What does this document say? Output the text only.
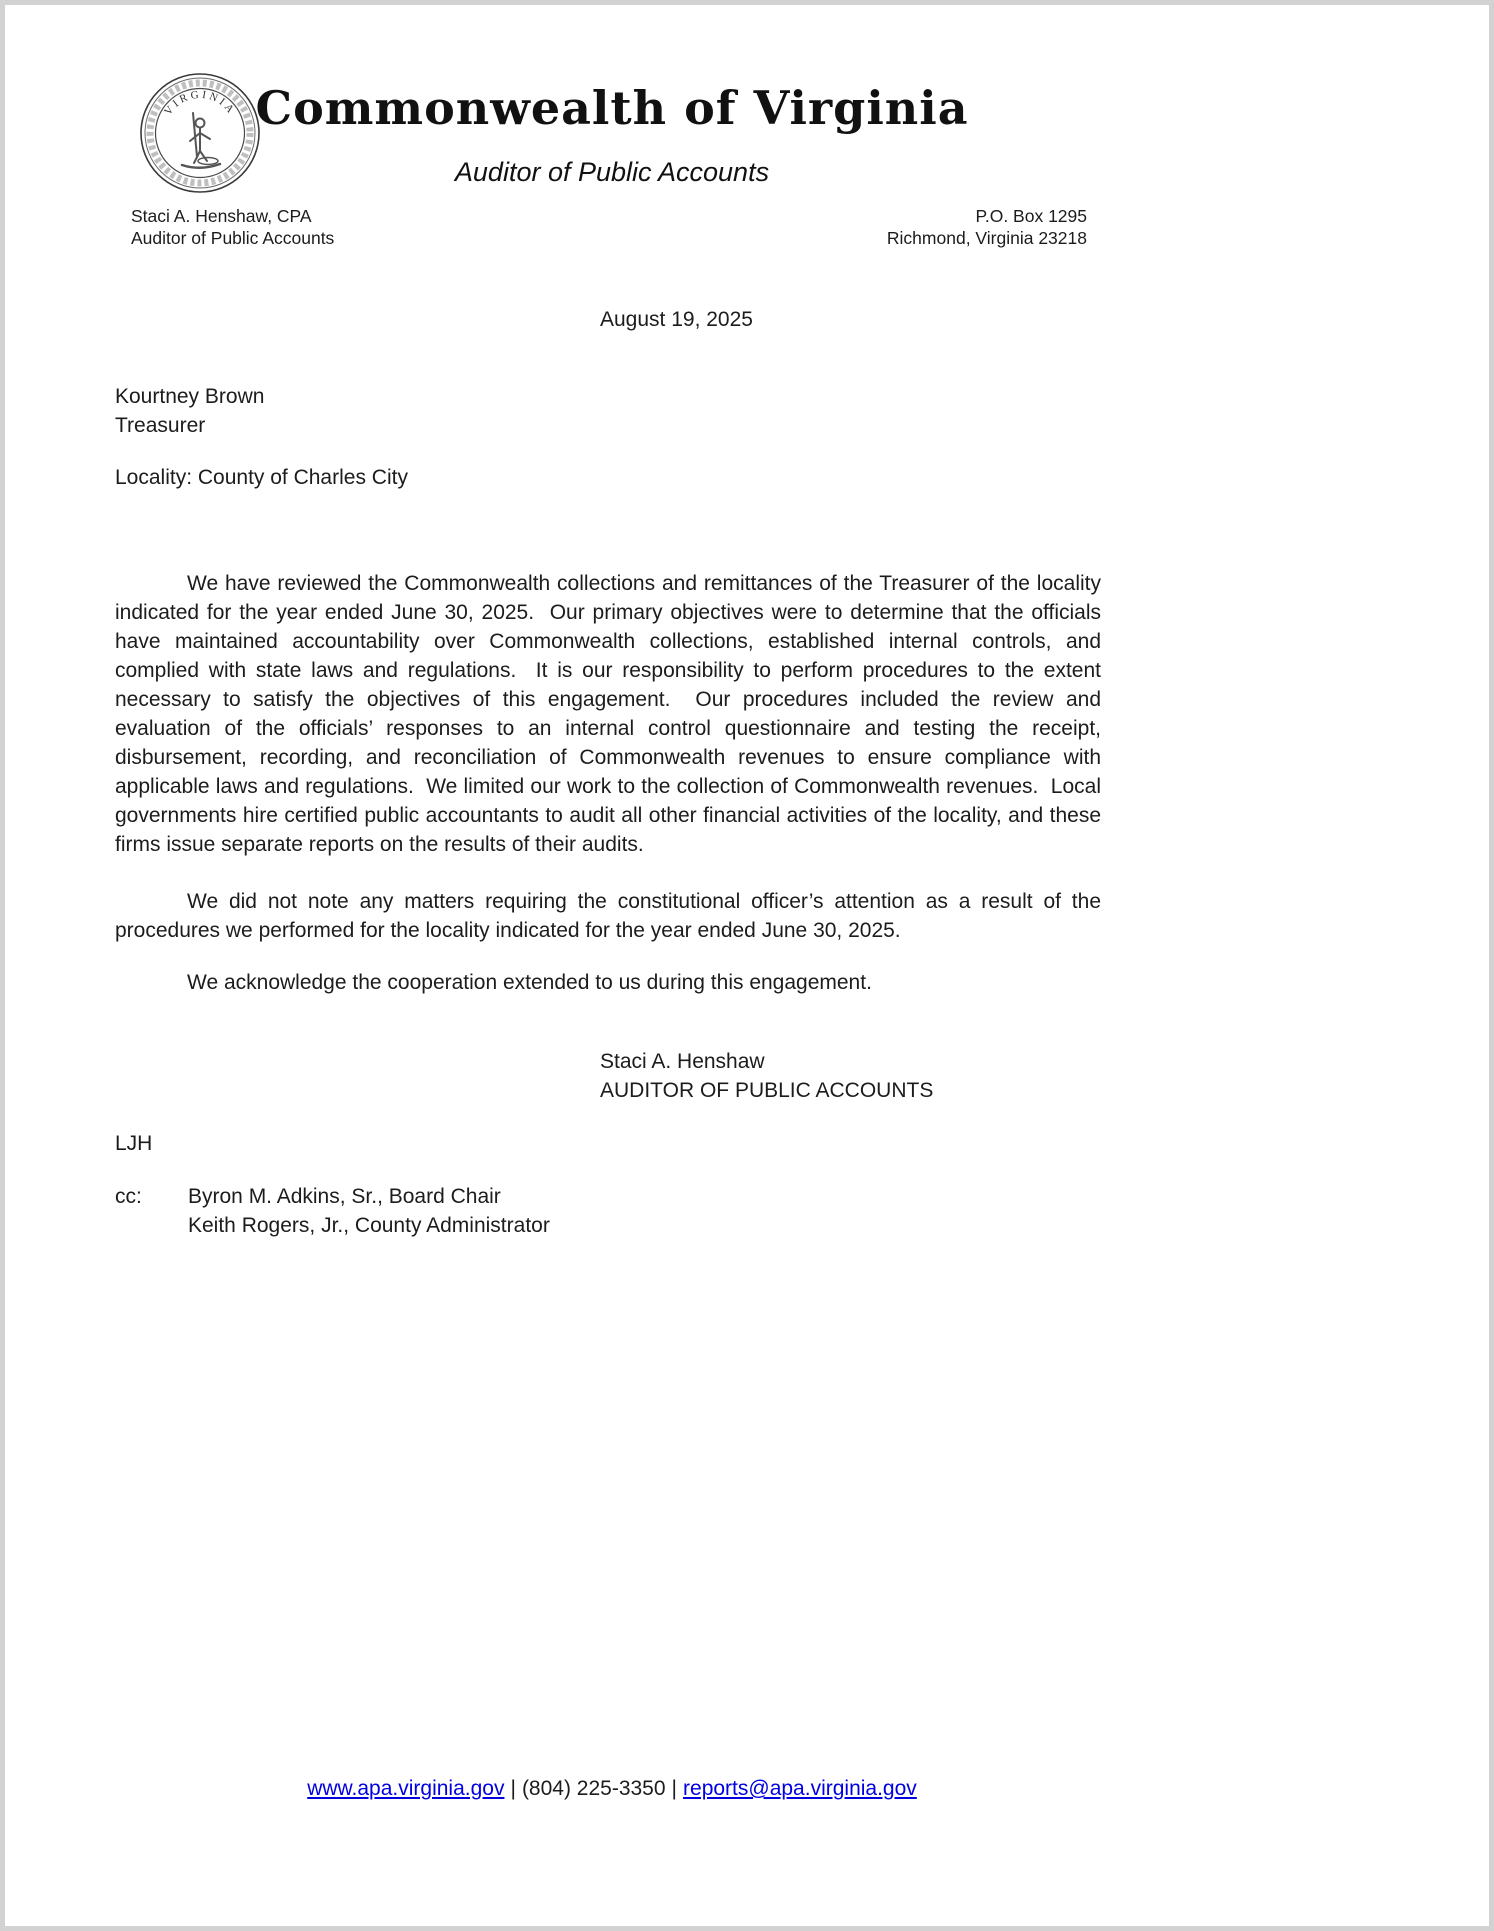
VIRGINIA Commonwealth of Virginia
Auditor of Public Accounts
Staci A. Henshaw, CPA
Auditor of Public Accounts
P.O. Box 1295
Richmond, Virginia 23218
August 19, 2025
Kourtney Brown
Treasurer
Locality: County of Charles City

We have reviewed the Commonwealth collections and remittances of the Treasurer of the locality indicated for the year ended June 30, 2025.  Our primary objectives were to determine that the officials have maintained accountability over Commonwealth collections, established internal controls, and complied with state laws and regulations.  It is our responsibility to perform procedures to the extent necessary to satisfy the objectives of this engagement.  Our procedures included the review and evaluation of the officials’ responses to an internal control questionnaire and testing the receipt, disbursement, recording, and reconciliation of Commonwealth revenues to ensure compliance with applicable laws and regulations.  We limited our work to the collection of Commonwealth revenues.  Local governments hire certified public accountants to audit all other financial activities of the locality, and these firms issue separate reports on the results of their audits.

We did not note any matters requiring the constitutional officer’s attention as a result of the procedures we performed for the locality indicated for the year ended June 30, 2025.

We acknowledge the cooperation extended to us during this engagement.

Staci A. Henshaw
AUDITOR OF PUBLIC ACCOUNTS
LJH
cc:	Byron M. Adkins, Sr., Board Chair
Keith Rogers, Jr., County Administrator
www.apa.virginia.gov | (804) 225-3350 | reports@apa.virginia.gov
